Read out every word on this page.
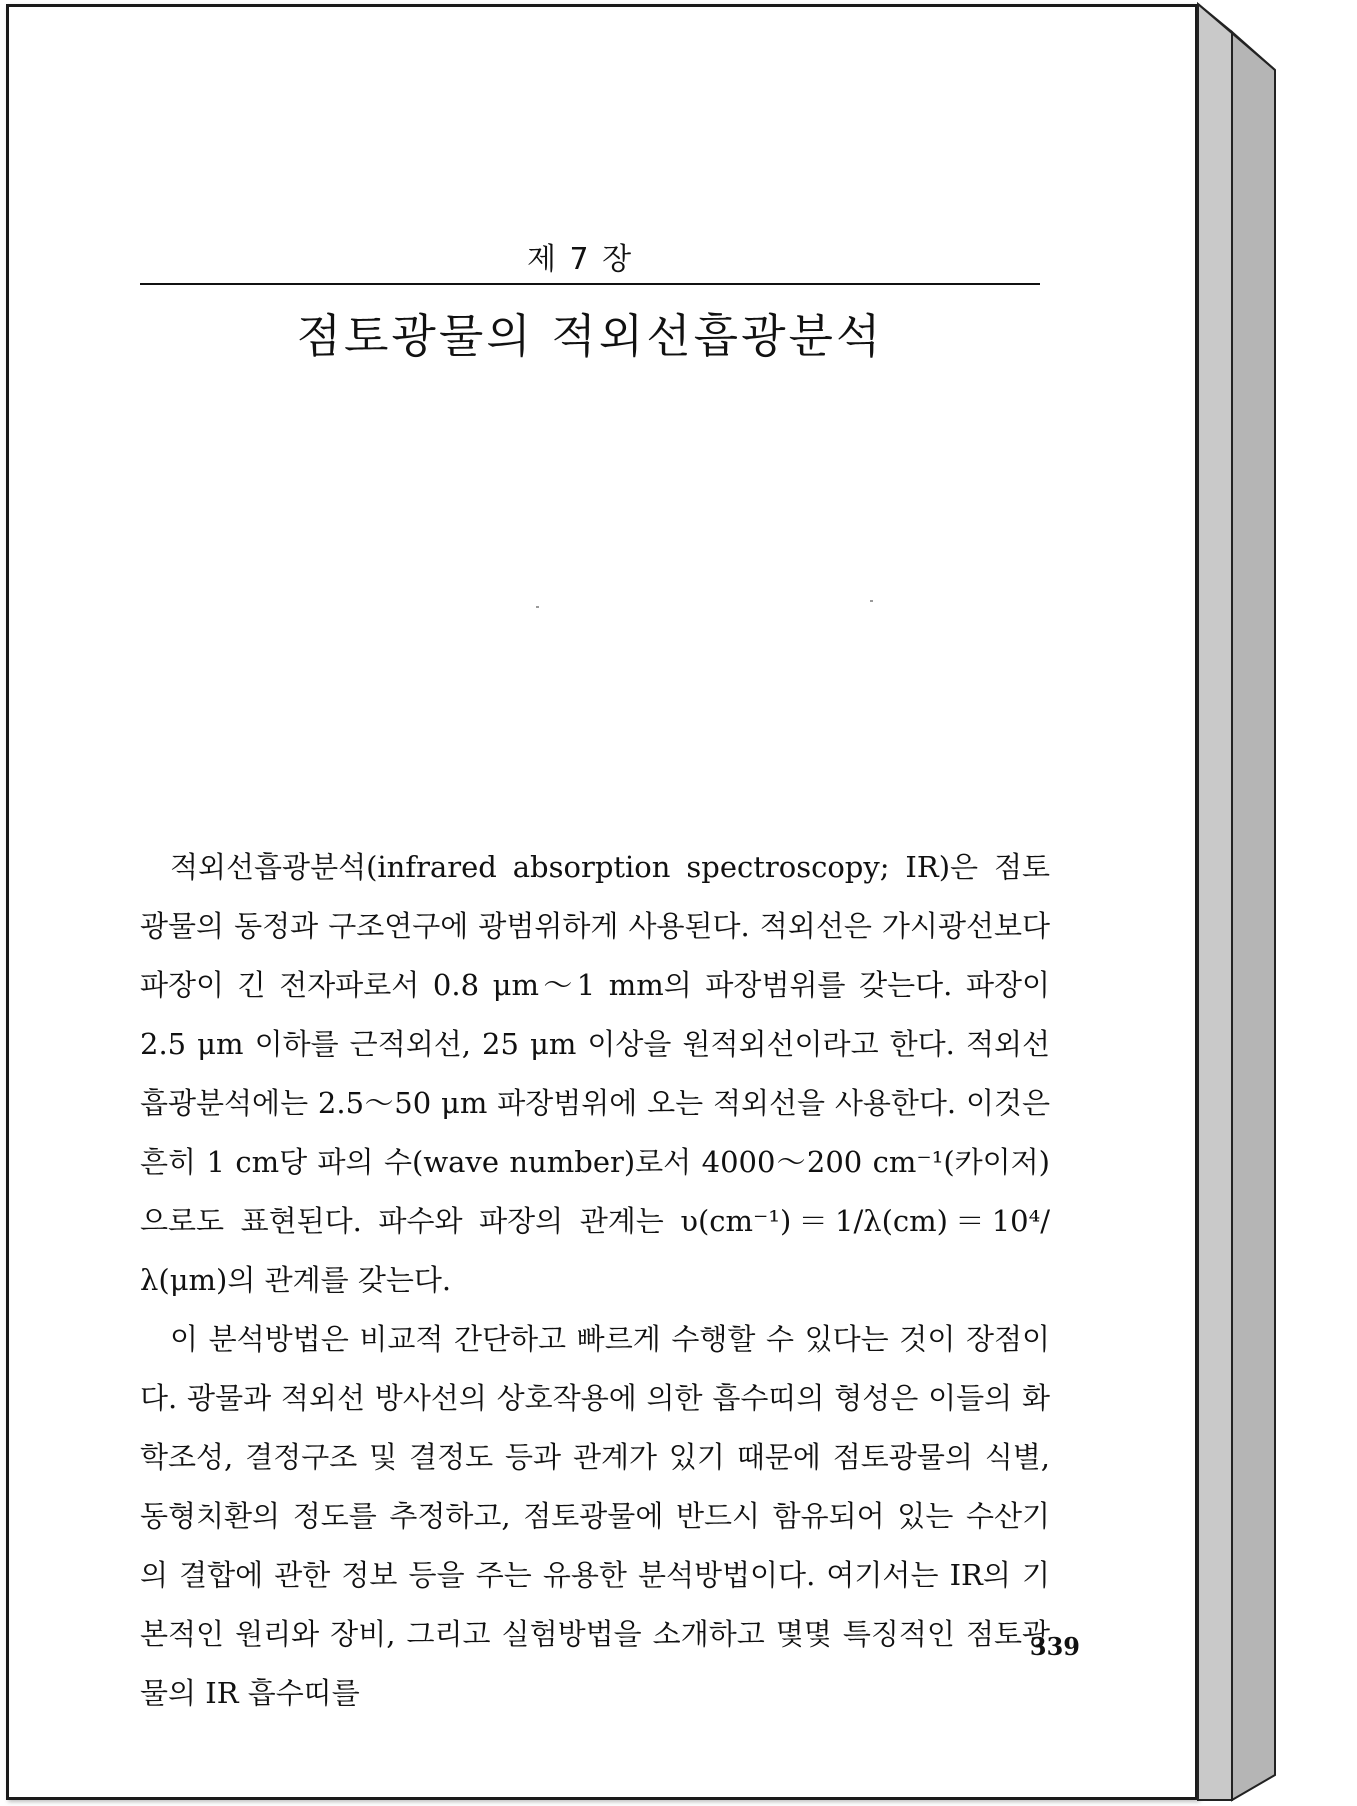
제 7 장
점토광물의 적외선흡광분석

적외선흡광분석(infrared absorption spectroscopy; IR)은 점토광물의 동정과 구조연구에 광범위하게 사용된다. 적외선은 가시광선보다 파장이 긴 전자파로서 0.8 μm～1 mm의 파장범위를 갖는다. 파장이 2.5 μm 이하를 근적외선, 25 μm 이상을 원적외선이라고 한다. 적외선흡광분석에는 2.5～50 μm 파장범위에 오는 적외선을 사용한다. 이것은 흔히 1 cm당 파의 수(wave number)로서 4000～200 cm⁻¹(카이저)으로도 표현된다. 파수와 파장의 관계는 υ(cm⁻¹)＝1/λ(cm)＝10⁴/λ(μm)의 관계를 갖는다.

이 분석방법은 비교적 간단하고 빠르게 수행할 수 있다는 것이 장점이다. 광물과 적외선 방사선의 상호작용에 의한 흡수띠의 형성은 이들의 화학조성, 결정구조 및 결정도 등과 관계가 있기 때문에 점토광물의 식별, 동형치환의 정도를 추정하고, 점토광물에 반드시 함유되어 있는 수산기의 결합에 관한 정보 등을 주는 유용한 분석방법이다. 여기서는 IR의 기본적인 원리와 장비, 그리고 실험방법을 소개하고 몇몇 특징적인 점토광물의 IR 흡수띠를

339
